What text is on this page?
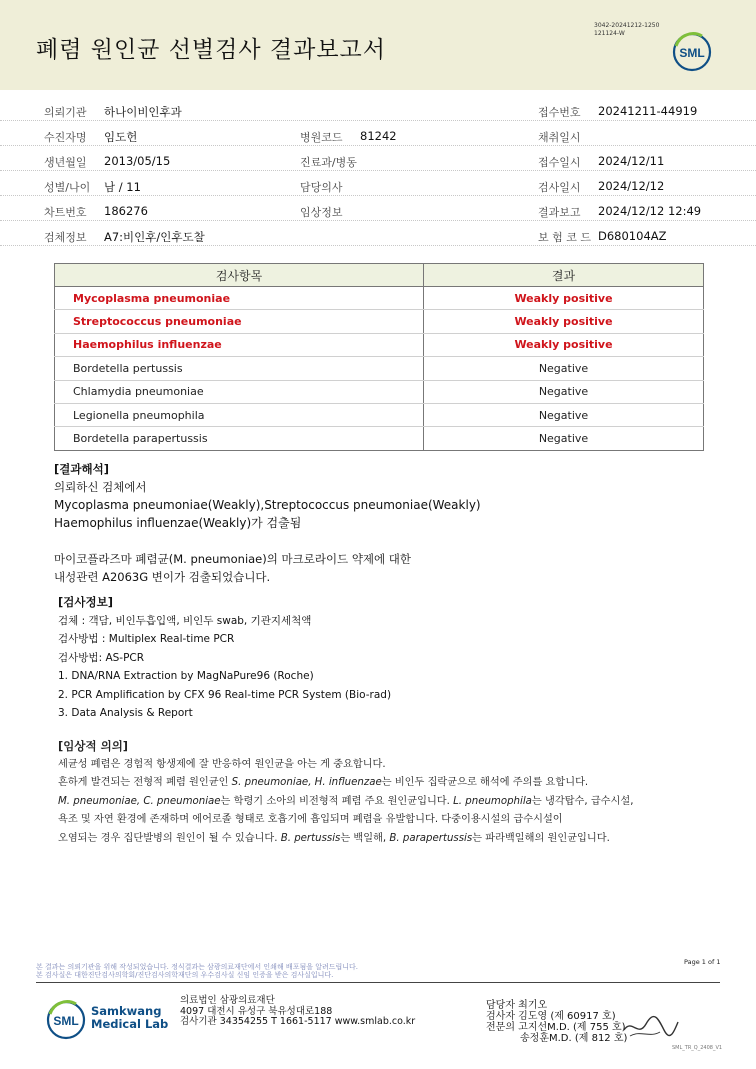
폐렴 원인균 선별검사 결과보고서
3042-20241212-1250
121124-W
SML
의뢰기관 하나이비인후과	접수번호 20241211-44919
수진자명 임도헌	병원코드 81242	채취일시
생년월일 2013/05/15	진료과/병동	접수일시 2024/12/11
성별/나이 남 / 11	담당의사	검사일시 2024/12/12
차트번호 186276	임상정보	결과보고 2024/12/12 12:49
검체정보 A7:비인후/인후도찰	보 험 코 드 D680104AZ
검사항목	결과
Mycoplasma pneumoniae	Weakly positive
Streptococcus pneumoniae	Weakly positive
Haemophilus influenzae	Weakly positive
Bordetella pertussis	Negative
Chlamydia pneumoniae	Negative
Legionella pneumophila	Negative
Bordetella parapertussis	Negative
[결과해석]
의뢰하신 검체에서
Mycoplasma pneumoniae(Weakly),Streptococcus pneumoniae(Weakly)
Haemophilus influenzae(Weakly)가 검출됨
마이코플라즈마 폐렴균(M. pneumoniae)의 마크로라이드 약제에 대한
내성관련 A2063G 변이가 검출되었습니다.
[검사정보]
검체 : 객담, 비인두흡입액, 비인두 swab, 기관지세척액
검사방법 : Multiplex Real-time PCR
검사방법: AS-PCR
1. DNA/RNA Extraction by MagNaPure96 (Roche)
2. PCR Amplification by CFX 96 Real-time PCR System (Bio-rad)
3. Data Analysis & Report

[임상적 의의]

세균성 폐렴은 경험적 항생제에 잘 반응하여 원인균을 아는 게 중요합니다.

흔하게 발견되는 전형적 폐렴 원인균인 S. pneumoniae, H. influenzae는 비인두 집락균으로 해석에 주의를 요합니다.

M. pneumoniae, C. pneumoniae는 학령기 소아의 비전형적 폐렴 주요 원인균입니다. L. pneumophila는 냉각탑수, 급수시설,

욕조 및 자연 환경에 존재하며 에어로졸 형태로 호흡기에 흡입되며 폐렴을 유발합니다. 다중이용시설의 급수시설이

오염되는 경우 집단발병의 원인이 될 수 있습니다. B. pertussis는 백일해, B. parapertussis는 파라백일해의 원인균입니다.

본 결과는 의뢰기관을 위해 작성되었습니다. 정식결과는 삼광의료재단에서 인쇄해 배포됨을 알려드립니다.
본 검사실은 대한진단검사의학회/진단검사의학재단의 우수검사실 신임 인증을 받은 검사실입니다.
Page 1 of 1
SML
Samkwang
Medical Lab
의료법인 삼광의료재단
4097 대전시 유성구 북유성대로188
검사기관 34354255 T 1661-5117 www.smlab.co.kr
담당자 최기오
검사자 김도영 (제 60917 호)
전문의 고지선M.D. (제 755 호)
송정훈M.D. (제 812 호)
SML_TR_Q_2408_V1
